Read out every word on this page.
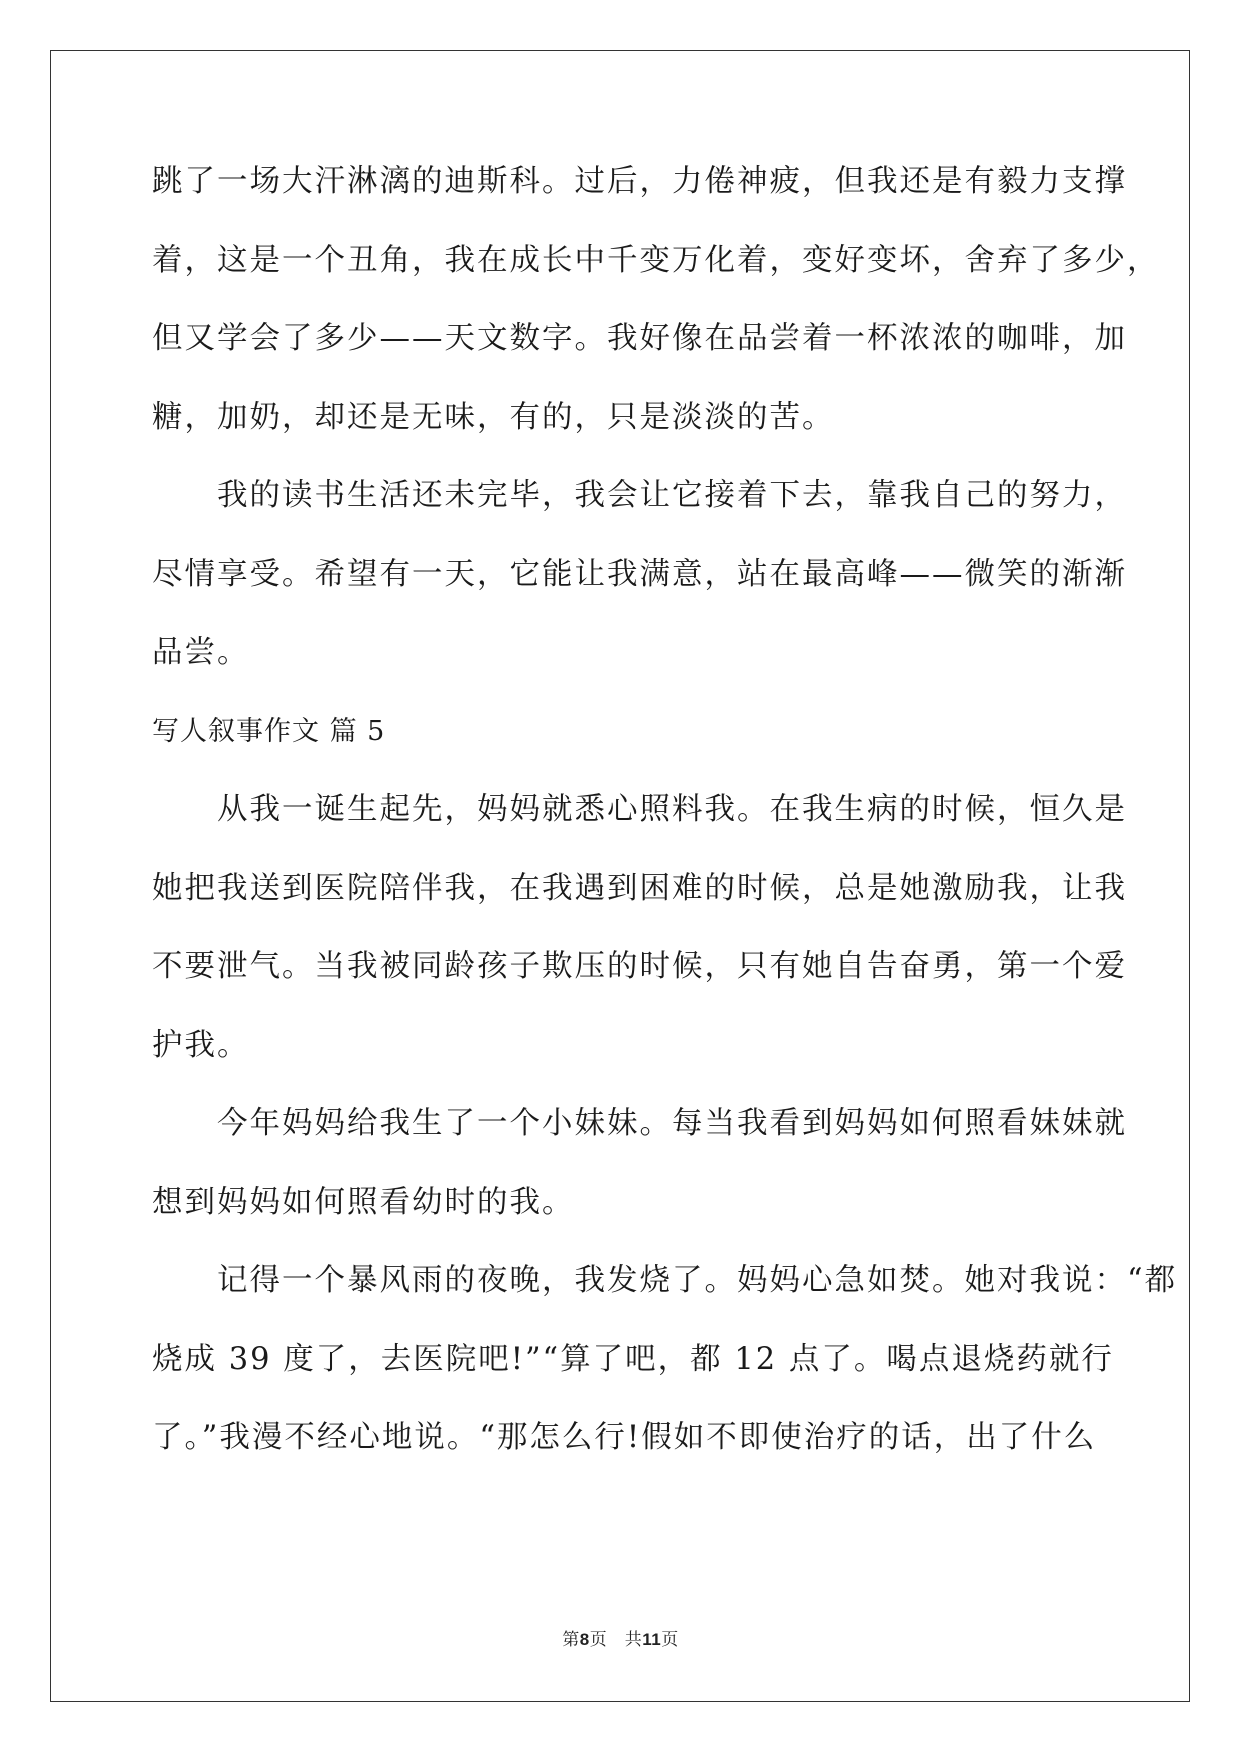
跳了一场大汗淋漓的迪斯科。过后，力倦神疲，但我还是有毅力支撑
着，这是一个丑角，我在成长中千变万化着，变好变坏，舍弃了多少，
但又学会了多少——天文数字。我好像在品尝着一杯浓浓的咖啡，加
糖，加奶，却还是无味，有的，只是淡淡的苦。
　　我的读书生活还未完毕，我会让它接着下去，靠我自己的努力，
尽情享受。希望有一天，它能让我满意，站在最高峰——微笑的渐渐
品尝。
写人叙事作文 篇 5
　　从我一诞生起先，妈妈就悉心照料我。在我生病的时候，恒久是
她把我送到医院陪伴我，在我遇到困难的时候，总是她激励我，让我
不要泄气。当我被同龄孩子欺压的时候，只有她自告奋勇，第一个爱
护我。
　　今年妈妈给我生了一个小妹妹。每当我看到妈妈如何照看妹妹就
想到妈妈如何照看幼时的我。
　　记得一个暴风雨的夜晚，我发烧了。妈妈心急如焚。她对我说：“都
烧成 39 度了，去医院吧!”“算了吧，都 12 点了。喝点退烧药就行
了。”我漫不经心地说。“那怎么行!假如不即使治疗的话，出了什么
第8页　共11页
